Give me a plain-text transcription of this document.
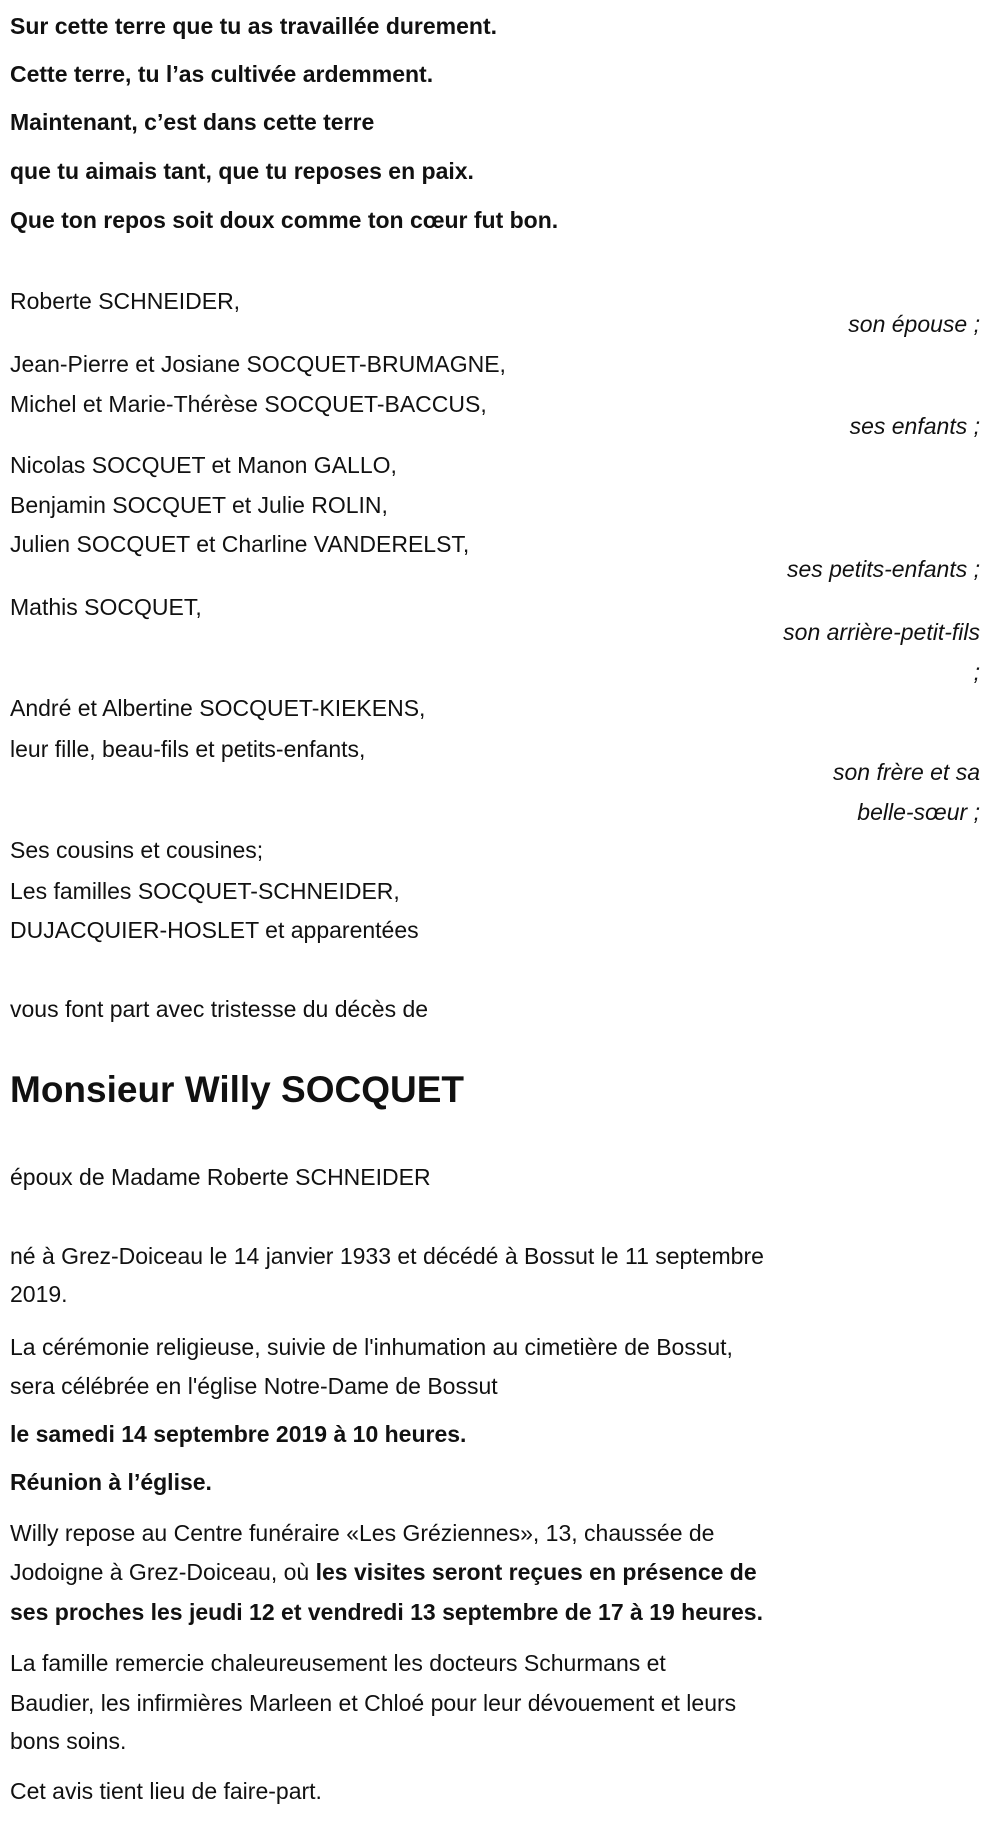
Sur cette terre que tu as travaillée durement.
Cette terre, tu l’as cultivée ardemment.
Maintenant, c’est dans cette terre
que tu aimais tant, que tu reposes en paix.
Que ton repos soit doux comme ton cœur fut bon.
Roberte SCHNEIDER,
son épouse ;
Jean-Pierre et Josiane SOCQUET-BRUMAGNE,
Michel et Marie-Thérèse SOCQUET-BACCUS,
ses enfants ;
Nicolas SOCQUET et Manon GALLO,
Benjamin SOCQUET et Julie ROLIN,
Julien SOCQUET et Charline VANDERELST,
ses petits-enfants ;
Mathis SOCQUET,
son arrière-petit-fils
;
André et Albertine SOCQUET-KIEKENS,
leur fille, beau-fils et petits-enfants,
son frère et sa
belle-sœur ;
Ses cousins et cousines;
Les familles SOCQUET-SCHNEIDER,
DUJACQUIER-HOSLET et apparentées
vous font part avec tristesse du décès de
Monsieur Willy SOCQUET
époux de Madame Roberte SCHNEIDER
né à Grez-Doiceau le 14 janvier 1933 et décédé à Bossut le 11 septembre
2019.
La cérémonie religieuse, suivie de l'inhumation au cimetière de Bossut,
sera célébrée en l'église Notre-Dame de Bossut
le samedi 14 septembre 2019 à 10 heures.
Réunion à l’église.
Willy repose au Centre funéraire «Les Gréziennes», 13, chaussée de
Jodoigne à Grez-Doiceau, où les visites seront reçues en présence de
ses proches les jeudi 12 et vendredi 13 septembre de 17 à 19 heures.
La famille remercie chaleureusement les docteurs Schurmans et
Baudier, les infirmières Marleen et Chloé pour leur dévouement et leurs
bons soins.
Cet avis tient lieu de faire-part.
